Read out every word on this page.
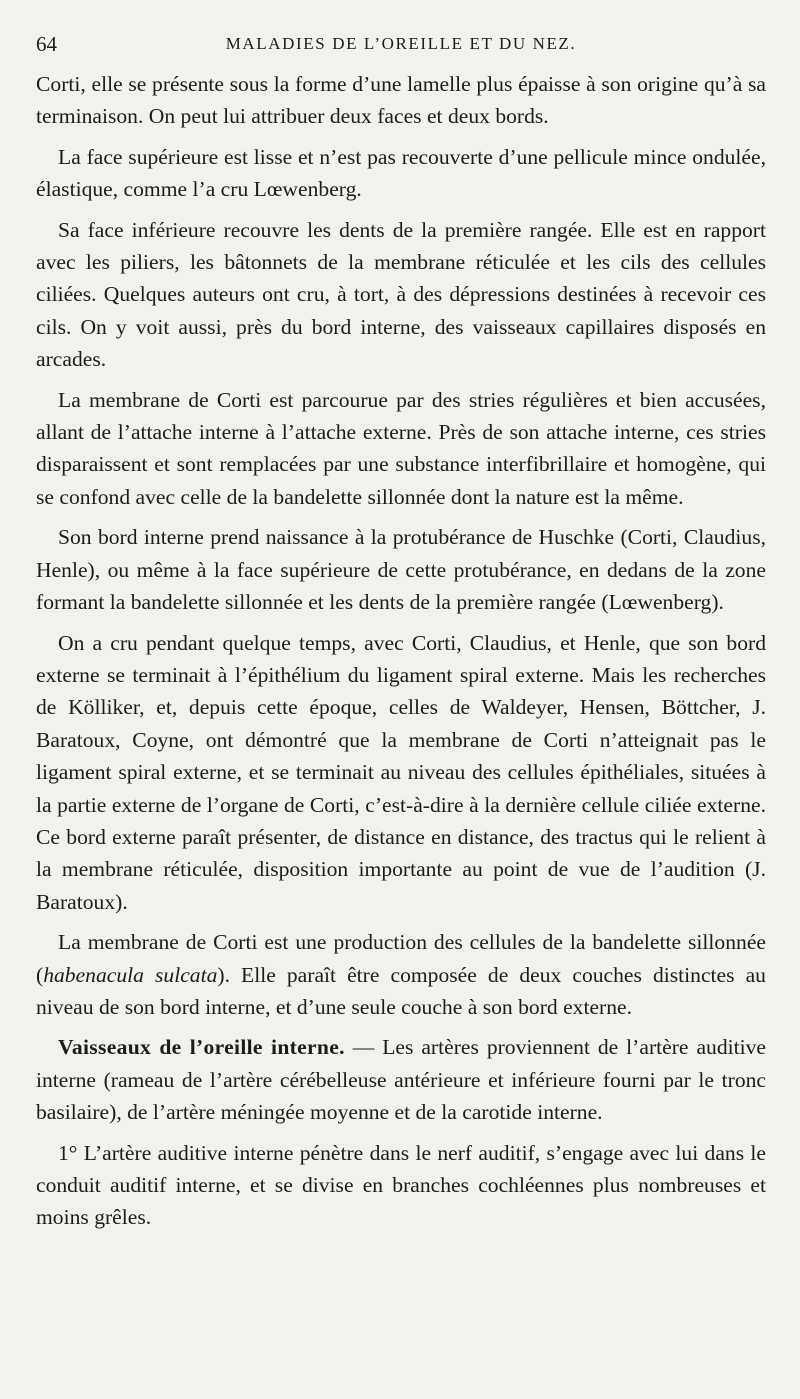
64	MALADIES DE L’OREILLE ET DU NEZ.

Corti, elle se présente sous la forme d’une lamelle plus épaisse à son origine qu’à sa terminaison. On peut lui attribuer deux faces et deux bords.

La face supérieure est lisse et n’est pas recouverte d’une pellicule mince ondulée, élastique, comme l’a cru Lœwenberg.

Sa face inférieure recouvre les dents de la première rangée. Elle est en rapport avec les piliers, les bâtonnets de la membrane réticulée et les cils des cellules ciliées. Quelques auteurs ont cru, à tort, à des dépressions destinées à recevoir ces cils. On y voit aussi, près du bord interne, des vaisseaux capillaires disposés en arcades.

La membrane de Corti est parcourue par des stries régulières et bien accusées, allant de l’attache interne à l’attache externe. Près de son attache interne, ces stries disparaissent et sont remplacées par une substance interfibrillaire et homogène, qui se confond avec celle de la bandelette sillonnée dont la nature est la même.

Son bord interne prend naissance à la protubérance de Huschke (Corti, Claudius, Henle), ou même à la face supérieure de cette protubérance, en dedans de la zone formant la bandelette sillonnée et les dents de la première rangée (Lœwenberg).

On a cru pendant quelque temps, avec Corti, Claudius, et Henle, que son bord externe se terminait à l’épithélium du ligament spiral externe. Mais les recherches de Kölliker, et, depuis cette époque, celles de Waldeyer, Hensen, Böttcher, J. Baratoux, Coyne, ont démontré que la membrane de Corti n’atteignait pas le ligament spiral externe, et se terminait au niveau des cellules épithéliales, situées à la partie externe de l’organe de Corti, c’est-à-dire à la dernière cellule ciliée externe. Ce bord externe paraît présenter, de distance en distance, des tractus qui le relient à la membrane réticulée, disposition importante au point de vue de l’audition (J. Baratoux).

La membrane de Corti est une production des cellules de la bandelette sillonnée (habenacula sulcata). Elle paraît être composée de deux couches distinctes au niveau de son bord interne, et d’une seule couche à son bord externe.

Vaisseaux de l’oreille interne. — Les artères proviennent de l’artère auditive interne (rameau de l’artère cérébelleuse antérieure et inférieure fourni par le tronc basilaire), de l’artère méningée moyenne et de la carotide interne.

1° L’artère auditive interne pénètre dans le nerf auditif, s’engage avec lui dans le conduit auditif interne, et se divise en branches cochléennes plus nombreuses et moins grêles.
